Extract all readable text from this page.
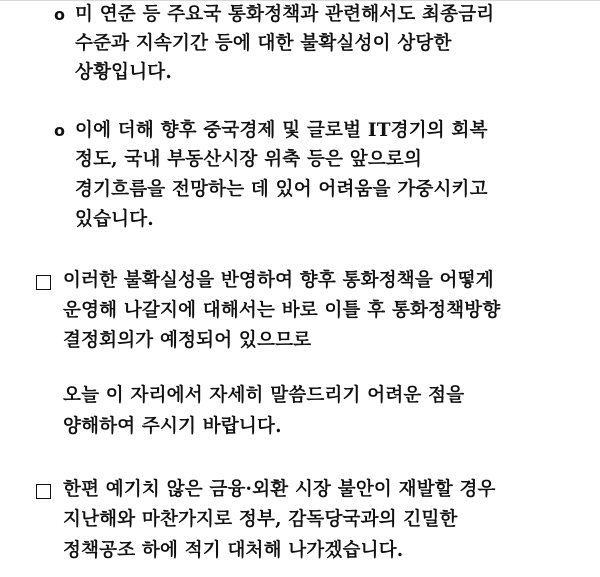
o 미 연준 등 주요국 통화정책과 관련해서도 최종금리
수준과 지속기간 등에 대한 불확실성이 상당한
상황입니다.
o 이에 더해 향후 중국경제 및 글로벌 IT경기의 회복
정도, 국내 부동산시장 위축 등은 앞으로의
경기흐름을 전망하는 데 있어 어려움을 가중시키고
있습니다.
이러한 불확실성을 반영하여 향후 통화정책을 어떻게
운영해 나갈지에 대해서는 바로 이틀 후 통화정책방향
결정회의가 예정되어 있으므로
오늘 이 자리에서 자세히 말씀드리기 어려운 점을
양해하여 주시기 바랍니다.
한편 예기치 않은 금융·외환 시장 불안이 재발할 경우
지난해와 마찬가지로 정부, 감독당국과의 긴밀한
정책공조 하에 적기 대처해 나가겠습니다.
